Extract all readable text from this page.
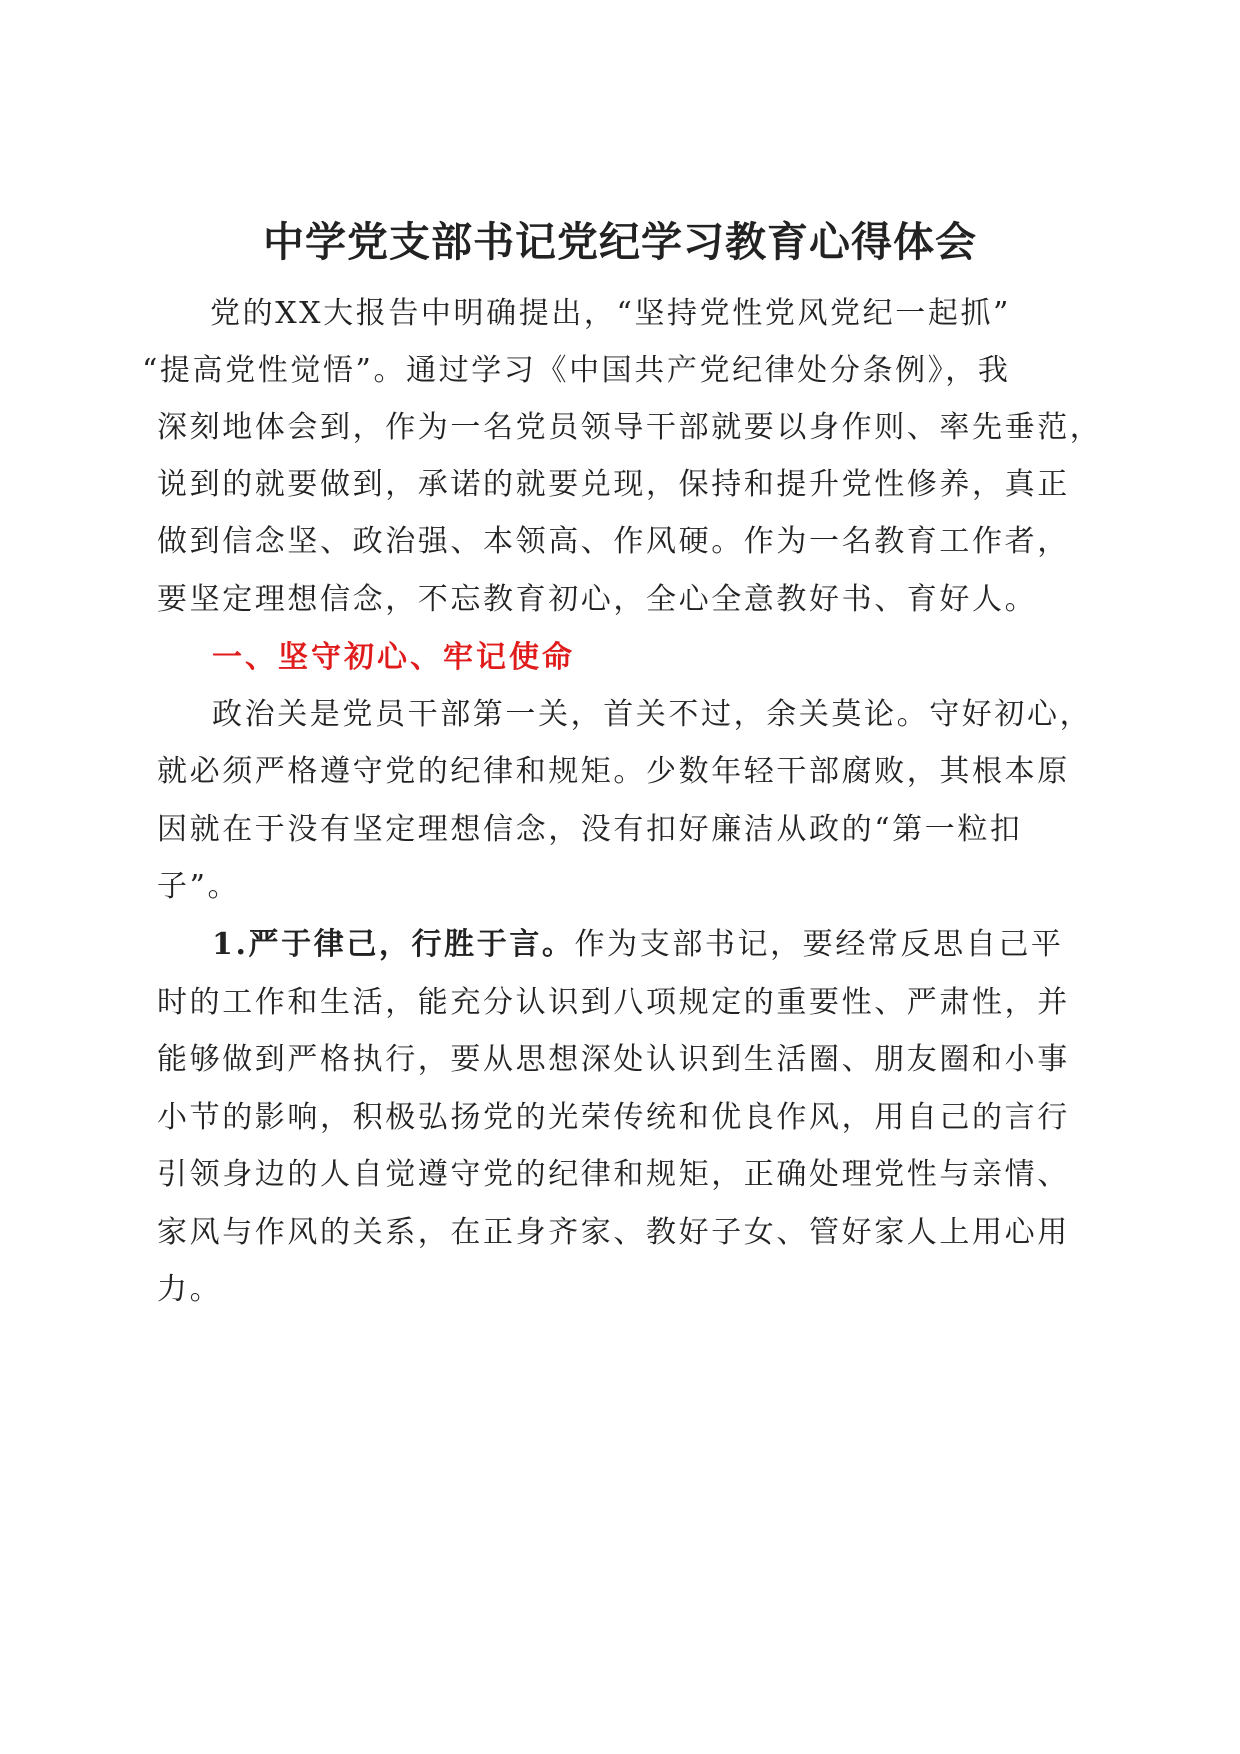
中学党支部书记党纪学习教育心得体会
党的XX大报告中明确提出，“坚持党性党风党纪一起抓”
“提高党性觉悟”。通过学习《中国共产党纪律处分条例》，我
深刻地体会到，作为一名党员领导干部就要以身作则、率先垂范，
说到的就要做到，承诺的就要兑现，保持和提升党性修养，真正
做到信念坚、政治强、本领高、作风硬。作为一名教育工作者，
要坚定理想信念，不忘教育初心，全心全意教好书、育好人。
一、坚守初心、牢记使命
政治关是党员干部第一关，首关不过，余关莫论。守好初心，
就必须严格遵守党的纪律和规矩。少数年轻干部腐败，其根本原
因就在于没有坚定理想信念，没有扣好廉洁从政的“第一粒扣
子”。
1.严于律己，行胜于言。作为支部书记，要经常反思自己平
时的工作和生活，能充分认识到八项规定的重要性、严肃性，并
能够做到严格执行，要从思想深处认识到生活圈、朋友圈和小事
小节的影响，积极弘扬党的光荣传统和优良作风，用自己的言行
引领身边的人自觉遵守党的纪律和规矩，正确处理党性与亲情、
家风与作风的关系，在正身齐家、教好子女、管好家人上用心用
力。
